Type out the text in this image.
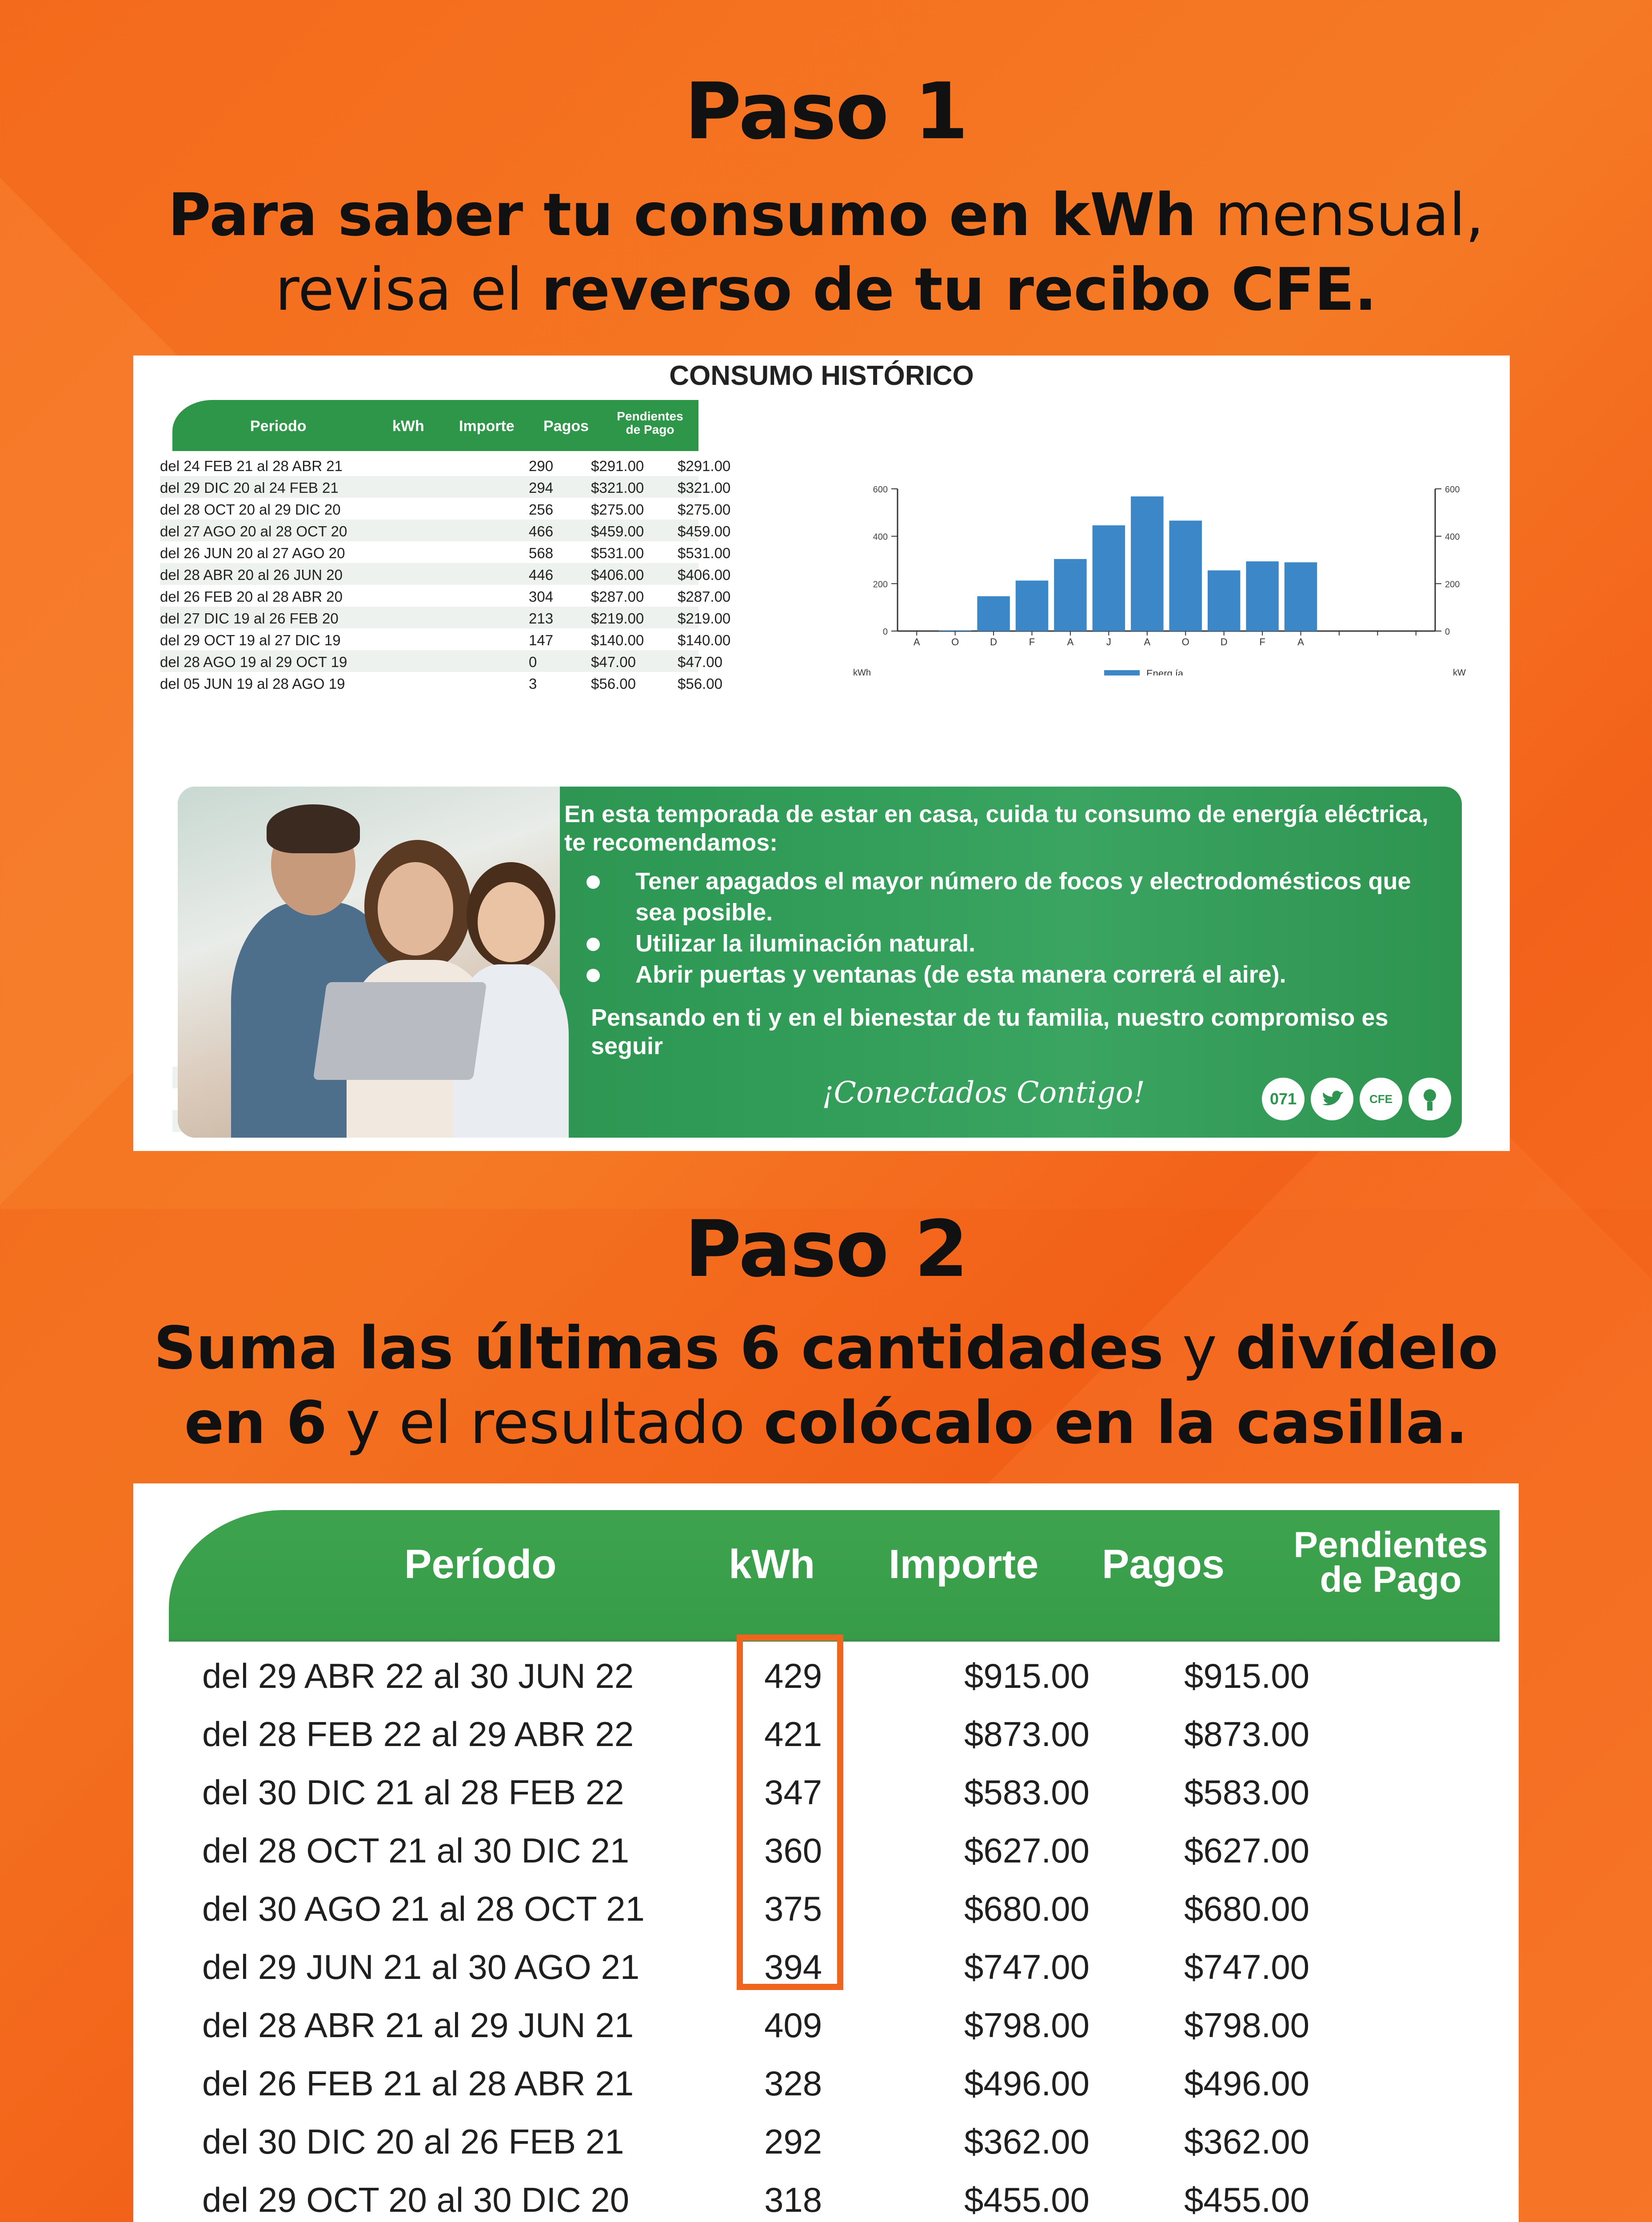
Paso 1
Para saber tu consumo en kWh mensual,
revisa el reverso de tu recibo CFE.
CONSUMO HISTÓRICO
Periodo	kWh Importe Pagos
Pendientes
de Pago
del 24 FEB 21 al 28 ABR 21	290	$291.00 $291.00
del 29 DIC 20 al 24 FEB 21	294	$321.00 $321.00
del 28 OCT 20 al 29 DIC 20	256	$275.00 $275.00
del 27 AGO 20 al 28 OCT 20	466	$459.00 $459.00
del 26 JUN 20 al 27 AGO 20	568	$531.00 $531.00
del 28 ABR 20 al 26 JUN 20	446	$406.00 $406.00
del 26 FEB 20 al 28 ABR 20	304	$287.00 $287.00
del 27 DIC 19 al 26 FEB 20	213	$219.00 $219.00
del 29 OCT 19 al 27 DIC 19	147	$140.00 $140.00
del 28 AGO 19 al 29 OCT 19	0	$47.00	$47.00
del 05 JUN 19 al 28 AGO 19	3	$56.00	$56.00
0	0
200	200
400	400
600	600
A	O	D	F	A	J	A	O	D	F	A
kWh	kW
Energ ía
En esta temporada de estar en casa, cuida tu consumo de energía eléctrica, te recomendamos:
Tener apagados el mayor número de focos y electrodomésticos que sea posible.
Utilizar la iluminación natural.
Abrir puertas y ventanas (de esta manera correrá el aire).
Pensando en ti y en el bienestar de tu familia, nuestro compromiso es seguir
¡Conectados Contigo!	071	CFE
Paso 2
Suma las últimas 6 cantidades y divídelo
en 6 y el resultado colócalo en la casilla.
Período	kWh Importe Pagos Pendientes
de Pago
del 29 ABR 22 al 30 JUN 22	429	$915.00	$915.00
del 28 FEB 22 al 29 ABR 22	421	$873.00	$873.00
del 30 DIC 21 al 28 FEB 22	347	$583.00	$583.00
del 28 OCT 21 al 30 DIC 21	360	$627.00	$627.00
del 30 AGO 21 al 28 OCT 21	375	$680.00	$680.00
del 29 JUN 21 al 30 AGO 21	394	$747.00	$747.00
del 28 ABR 21 al 29 JUN 21	409	$798.00	$798.00
del 26 FEB 21 al 28 ABR 21	328	$496.00	$496.00
del 30 DIC 20 al 26 FEB 21	292	$362.00	$362.00
del 29 OCT 20 al 30 DIC 20	318	$455.00	$455.00
